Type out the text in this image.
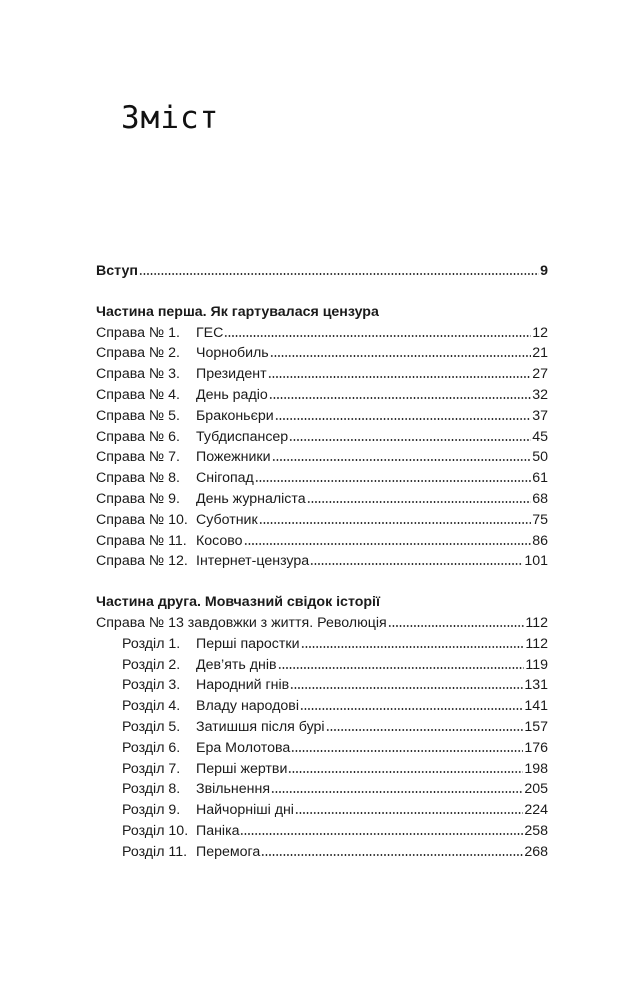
Зміст
Вступ	9
Частина перша. Як гартувалася цензура
Справа № 1.	ГЕС	12
Справа № 2.	Чорнобиль	21
Справа № 3.	Президент	27
Справа № 4.	День радіо	32
Справа № 5.	Браконьєри	37
Справа № 6.	Тубдиспансер	45
Справа № 7.	Пожежники	50
Справа № 8.	Снігопад	61
Справа № 9.	День журналіста	68
Справа № 10. Суботник	75
Справа № 11. Косово	86
Справа № 12. Інтернет-цензура	101
Частина друга. Мовчазний свідок історії
Справа № 13 завдовжки з життя. Революція	112
Розділ 1.	Перші паростки	112
Розділ 2.	Дев’ять днів	119
Розділ 3.	Народний гнів	131
Розділ 4.	Владу народові	141
Розділ 5.	Затишшя після бурі	157
Розділ 6.	Ера Молотова	176
Розділ 7.	Перші жертви	198
Розділ 8.	Звільнення	205
Розділ 9.	Найчорніші дні	224
Розділ 10. Паніка	258
Розділ 11. Перемога	268
